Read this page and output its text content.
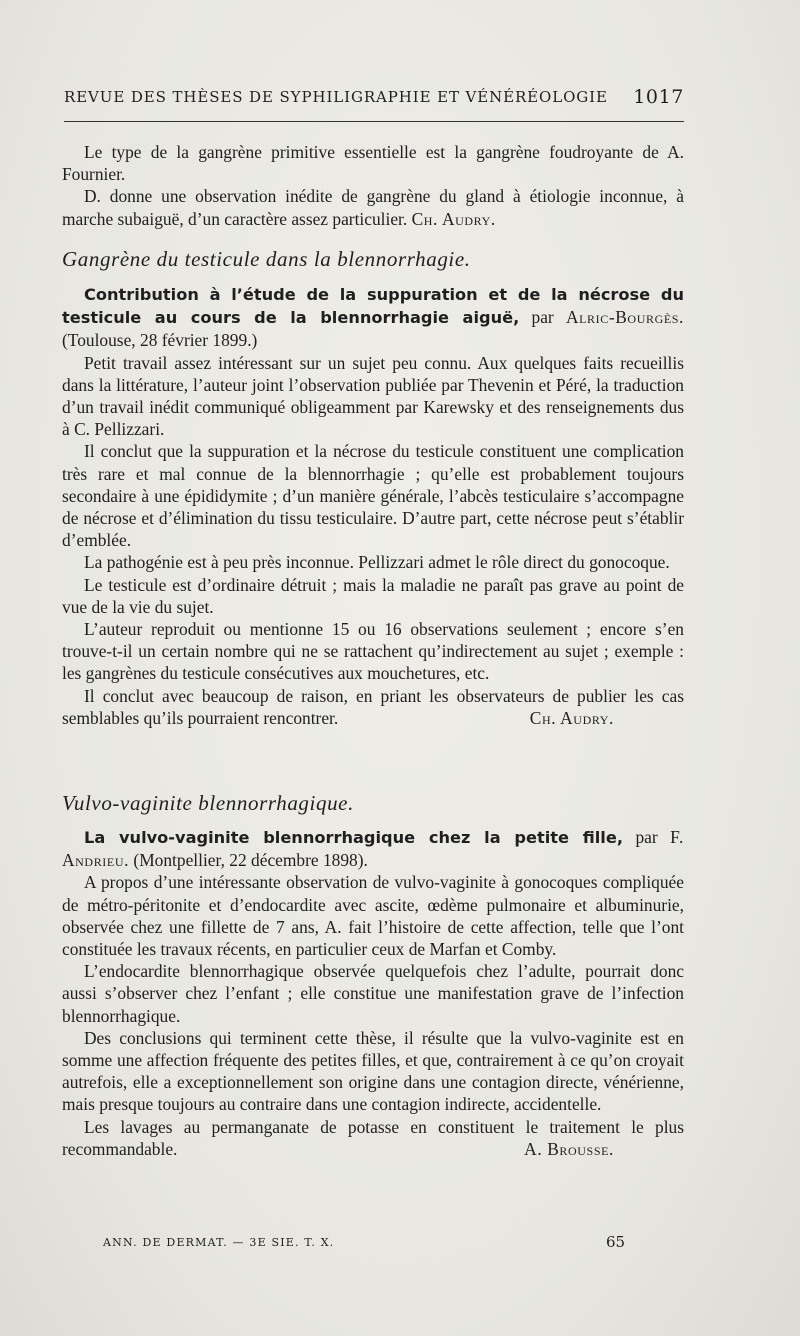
REVUE DES THÈSES DE SYPHILIGRAPHIE ET VÉNÉRÉOLOGIE 1017

Le type de la gangrène primitive essentielle est la gangrène foudroyante de A. Fournier.

D. donne une observation inédite de gangrène du gland à étiologie inconnue, à marche subaiguë, d’un caractère assez particulier. Ch. Audry.

Gangrène du testicule dans la blennorrhagie.

Contribution à l’étude de la suppuration et de la nécrose du testicule au cours de la blennorrhagie aiguë, par Alric-Bourgès. (Toulouse, 28 février 1899.)

Petit travail assez intéressant sur un sujet peu connu. Aux quelques faits recueillis dans la littérature, l’auteur joint l’observation publiée par Thevenin et Péré, la traduction d’un travail inédit communiqué obligeamment par Karewsky et des renseignements dus à C. Pellizzari.

Il conclut que la suppuration et la nécrose du testicule constituent une complication très rare et mal connue de la blennorrhagie ; qu’elle est probablement toujours secondaire à une épididymite ; d’un manière générale, l’abcès testiculaire s’accompagne de nécrose et d’élimination du tissu testiculaire. D’autre part, cette nécrose peut s’établir d’emblée.

La pathogénie est à peu près inconnue. Pellizzari admet le rôle direct du gonocoque.

Le testicule est d’ordinaire détruit ; mais la maladie ne paraît pas grave au point de vue de la vie du sujet.

L’auteur reproduit ou mentionne 15 ou 16 observations seulement ; encore s’en trouve-t-il un certain nombre qui ne se rattachent qu’indirectement au sujet ; exemple : les gangrènes du testicule consécutives aux mouchetures, etc.

Il conclut avec beaucoup de raison, en priant les observateurs de publier les cas semblables qu’ils pourraient rencontrer.	Ch. Audry.

Vulvo-vaginite blennorrhagique.

La vulvo-vaginite blennorrhagique chez la petite fille, par F. Andrieu. (Montpellier, 22 décembre 1898).

A propos d’une intéressante observation de vulvo-vaginite à gonocoques compliquée de métro-péritonite et d’endocardite avec ascite, œdème pulmonaire et albuminurie, observée chez une fillette de 7 ans, A. fait l’histoire de cette affection, telle que l’ont constituée les travaux récents, en particulier ceux de Marfan et Comby.

L’endocardite blennorrhagique observée quelquefois chez l’adulte, pourrait donc aussi s’observer chez l’enfant ; elle constitue une manifestation grave de l’infection blennorrhagique.

Des conclusions qui terminent cette thèse, il résulte que la vulvo-vaginite est en somme une affection fréquente des petites filles, et que, contrairement à ce qu’on croyait autrefois, elle a exceptionnellement son origine dans une contagion directe, vénérienne, mais presque toujours au contraire dans une contagion indirecte, accidentelle.

Les lavages au permanganate de potasse en constituent le traitement le plus recommandable.	A. Brousse.

ANN. DE DERMAT. — 3E SIE. T. X.	65
